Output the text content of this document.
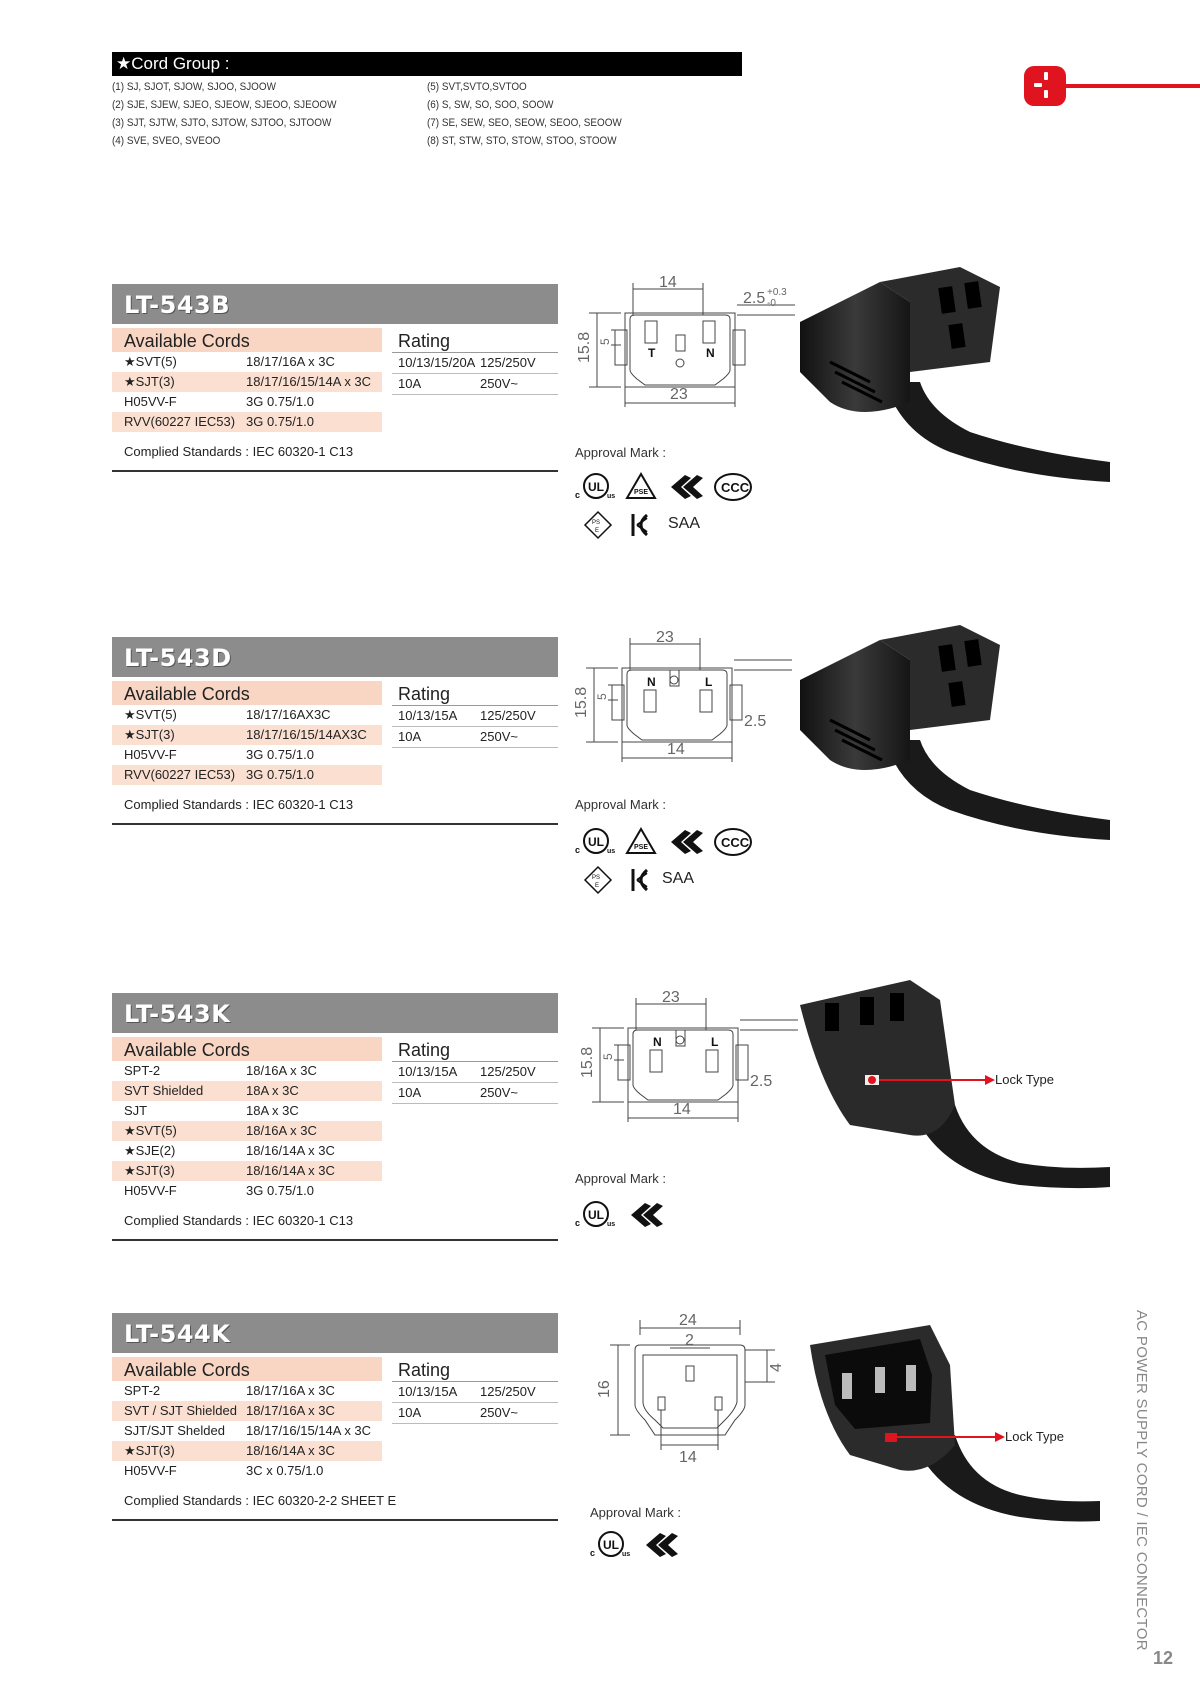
★Cord Group :
(1) SJ, SJOT, SJOW, SJOO, SJOOW
(2) SJE, SJEW, SJEO, SJEOW, SJEOO, SJEOOW
(3) SJT, SJTW, SJTO, SJTOW, SJTOO, SJTOOW
(4) SVE, SVEO, SVEOO
(5) SVT,SVTO,SVTOO
(6) S, SW, SO, SOO, SOOW
(7) SE, SEW, SEO, SEOW, SEOO, SEOOW
(8) ST, STW, STO, STOW, STOO, STOOW
LT-543B
Available Cords
★SVT(5)	18/17/16A x 3C
★SJT(3)	18/17/16/15/14A x 3C
H05VV-F	3G 0.75/1.0
RVV(60227 IEC53) 3G 0.75/1.0
Rating
10/13/15/20A 125/250V
10A	250V~
Complied Standards : IEC 60320-1 C13
14
15.8 5
23
2.5 +0.3
-0
T	N
Approval Mark :
UL
c	us
PSE	CCC
PS
E	SAA
LT-543D
Available Cords
★SVT(5)	18/17/16AX3C
★SJT(3)	18/17/16/15/14AX3C
H05VV-F	3G 0.75/1.0
RVV(60227 IEC53) 3G 0.75/1.0
Rating
10/13/15A	125/250V
10A	250V~
Complied Standards : IEC 60320-1 C13
23
15.8 5
14
2.5
N	L
Approval Mark :
UL
c	us
PSE	CCC
PS
E	SAA
LT-543K
Available Cords
SPT-2	18/16A x 3C
SVT Shielded	18A x 3C
SJT	18A x 3C
★SVT(5)	18/16A x 3C
★SJE(2)	18/16/14A x 3C
★SJT(3)	18/16/14A x 3C
H05VV-F	3G 0.75/1.0
Rating
10/13/15A	125/250V
10A	250V~
Complied Standards : IEC 60320-1 C13
23
15.8 5
14
2.5
N	L
Lock Type
Approval Mark :
UL
c	us
LT-544K
Available Cords
SPT-2	18/17/16A x 3C
SVT / SJT Shielded 18/17/16A x 3C
SJT/SJT Shelded	18/17/16/15/14A x 3C
★SJT(3)	18/16/14A x 3C
H05VV-F	3C x 0.75/1.0
Rating
10/13/15A	125/250V
10A	250V~
Complied Standards : IEC 60320-2-2 SHEET E
24
2
16
4
14
Lock Type
Approval Mark :
UL
c	us	AC POWER SUPPLY CORD / IEC CONNECTOR
12
